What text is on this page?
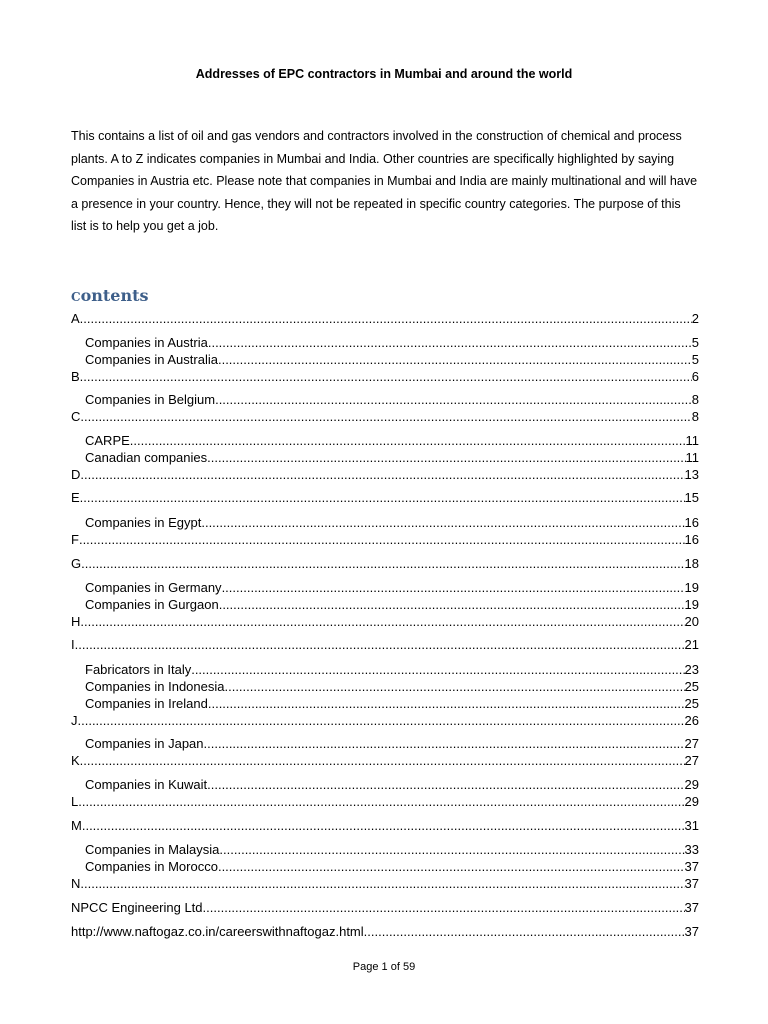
Addresses of EPC contractors in Mumbai and around the world
This contains a list of oil and gas vendors and contractors involved in the construction of chemical and process
plants. A to Z indicates companies in Mumbai and India. Other countries are specifically highlighted by saying
Companies in Austria etc. Please note that companies in Mumbai and India are mainly multinational and will have
a presence in your country. Hence, they will not be repeated in specific country categories. The purpose of this
list is to help you get a job.
Contents
A .....	2
Companies in Austria .....	5
Companies in Australia .....	5
B .....	6
Companies in Belgium .....	8
C .....	8
CARPE .....	11
Canadian companies .....	11
D .....	13
E .....	15
Companies in Egypt .....	16
F .....	16
G .....	18
Companies in Germany .....	19
Companies in Gurgaon .....	19
H .....	20
I .....	21
Fabricators in Italy .....	23
Companies in Indonesia .....	25
Companies in Ireland .....	25
J .....	26
Companies in Japan .....	27
K .....	27
Companies in Kuwait .....	29
L .....	29
M .....	31
Companies in Malaysia .....	33
Companies in Morocco .....	37
N .....	37
NPCC Engineering Ltd .....	37
http://www.naftogaz.co.in/careerswithnaftogaz.html .....	37
Page 1 of 59
